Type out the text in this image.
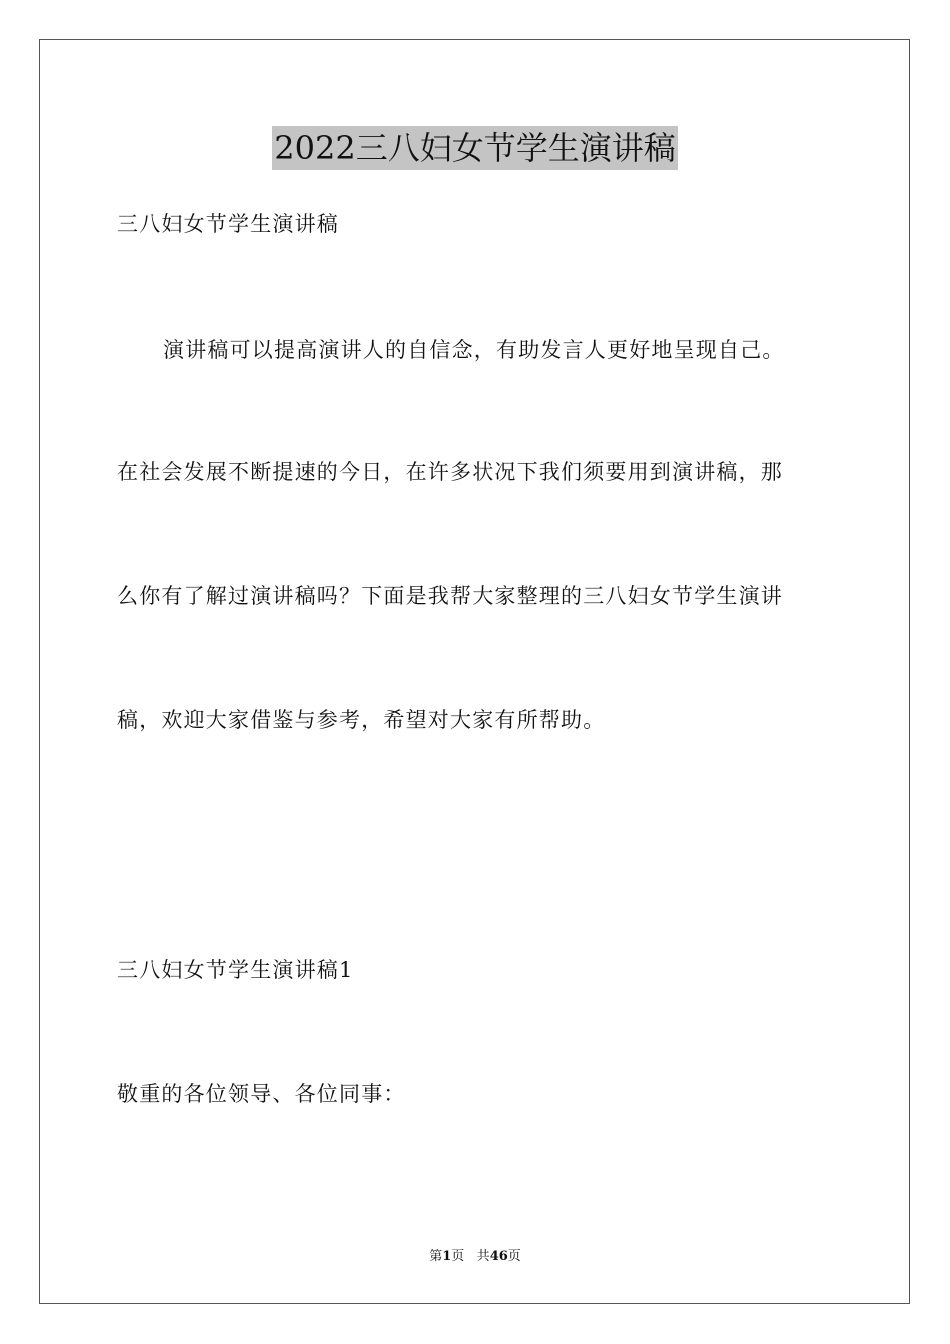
2022三八妇女节学生演讲稿
三八妇女节学生演讲稿
演讲稿可以提高演讲人的自信念，有助发言人更好地呈现自己。
在社会发展不断提速的今日，在许多状况下我们须要用到演讲稿，那
么你有了解过演讲稿吗？下面是我帮大家整理的三八妇女节学生演讲
稿，欢迎大家借鉴与参考，希望对大家有所帮助。
三八妇女节学生演讲稿1
敬重的各位领导、各位同事：
第1页 共46页
